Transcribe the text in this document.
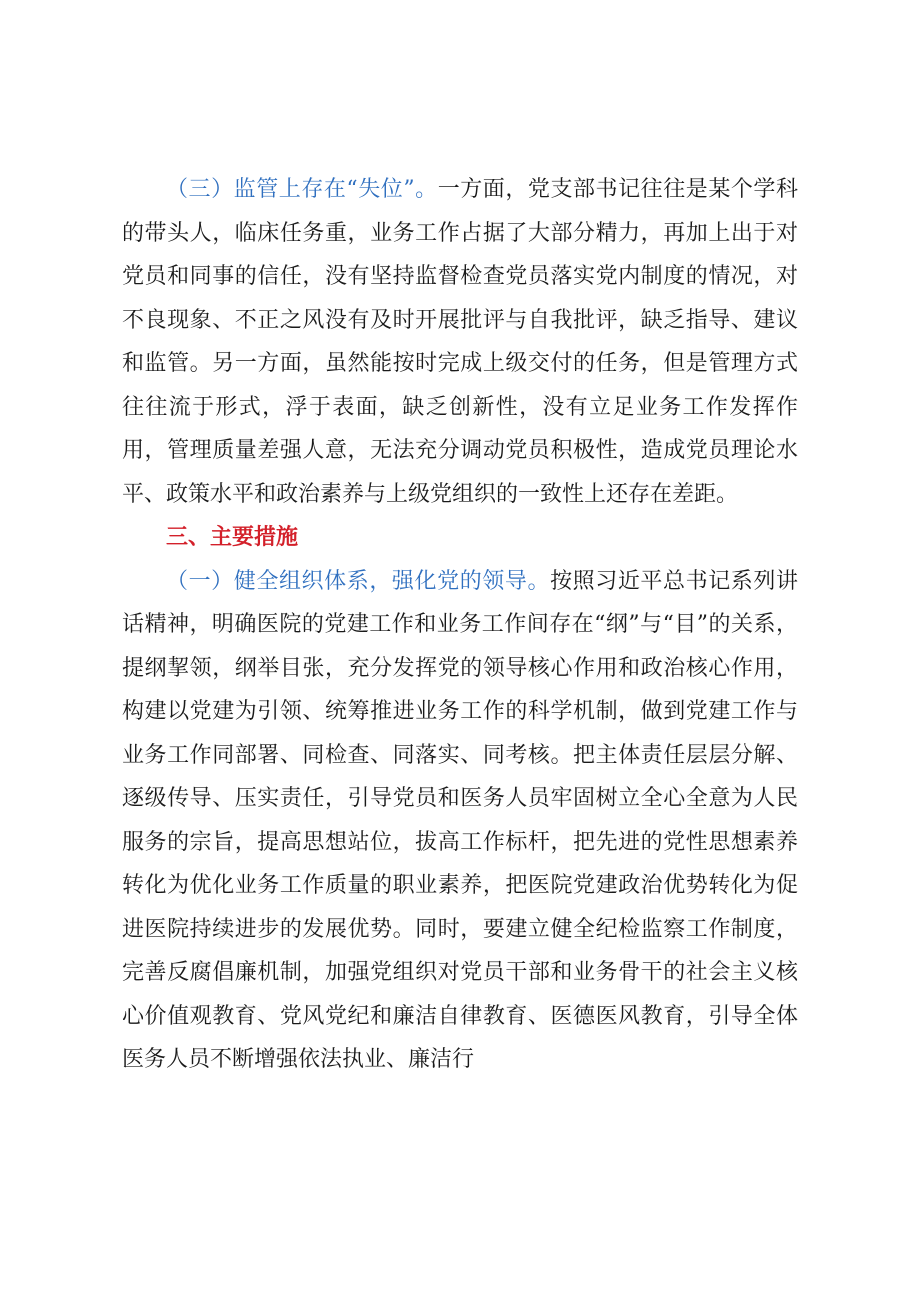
（三）监管上存在“失位”。一方面，党支部书记往往是某个学科的带头人，临床任务重，业务工作占据了大部分精力，再加上出于对党员和同事的信任，没有坚持监督检查党员落实党内制度的情况，对不良现象、不正之风没有及时开展批评与自我批评，缺乏指导、建议和监管。另一方面，虽然能按时完成上级交付的任务，但是管理方式往往流于形式，浮于表面，缺乏创新性，没有立足业务工作发挥作用，管理质量差强人意，无法充分调动党员积极性，造成党员理论水平、政策水平和政治素养与上级党组织的一致性上还存在差距。

三、主要措施

（一）健全组织体系，强化党的领导。按照习近平总书记系列讲话精神，明确医院的党建工作和业务工作间存在“纲”与“目”的关系，提纲挈领，纲举目张，充分发挥党的领导核心作用和政治核心作用，构建以党建为引领、统筹推进业务工作的科学机制，做到党建工作与业务工作同部署、同检查、同落实、同考核。把主体责任层层分解、逐级传导、压实责任，引导党员和医务人员牢固树立全心全意为人民服务的宗旨，提高思想站位，拔高工作标杆，把先进的党性思想素养转化为优化业务工作质量的职业素养，把医院党建政治优势转化为促进医院持续进步的发展优势。同时，要建立健全纪检监察工作制度，完善反腐倡廉机制，加强党组织对党员干部和业务骨干的社会主义核心价值观教育、党风党纪和廉洁自律教育、医德医风教育，引导全体医务人员不断增强依法执业、廉洁行
